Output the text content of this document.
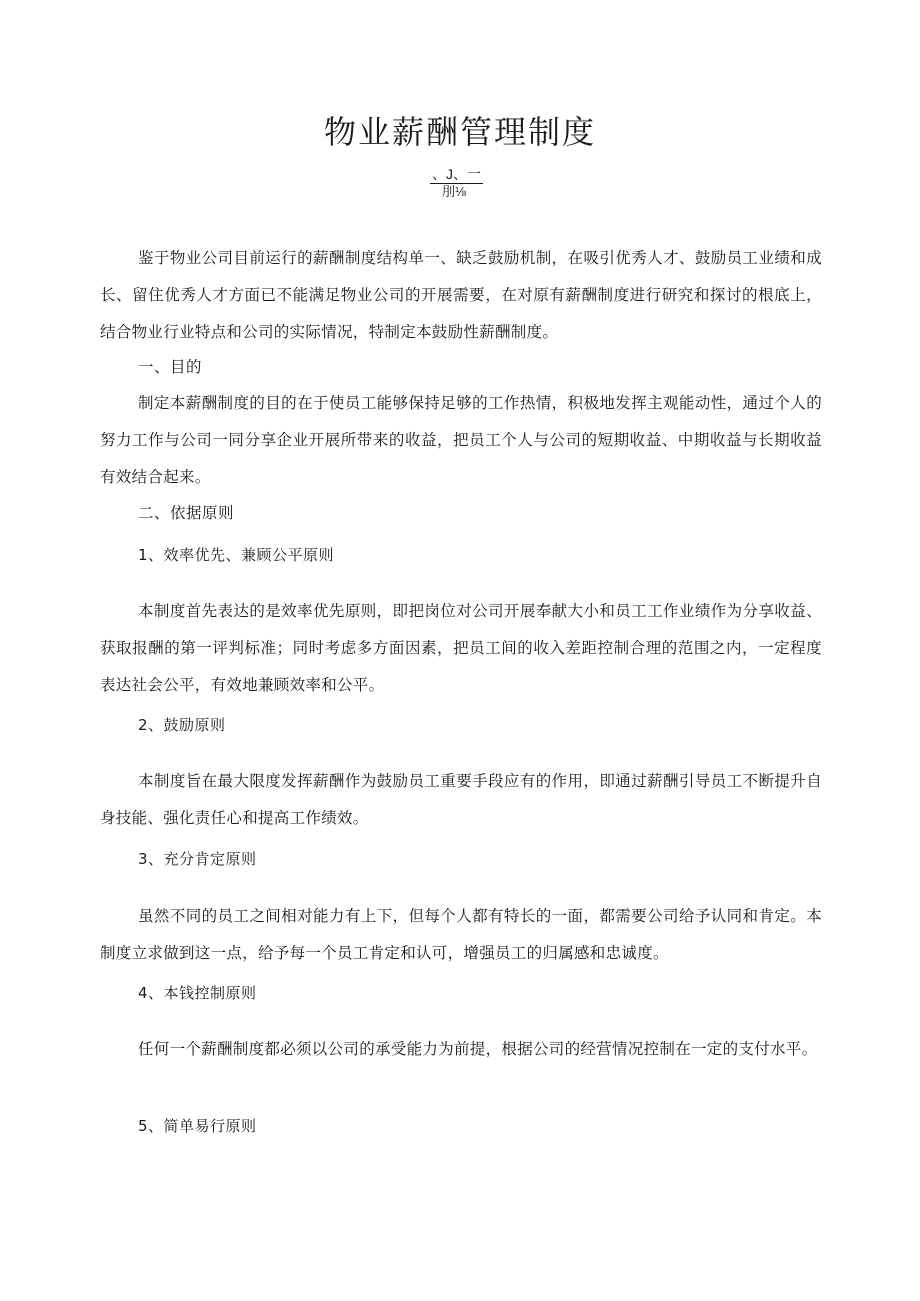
物业薪酬管理制度
、J、一
刖⅛

鉴于物业公司目前运行的薪酬制度结构单一、缺乏鼓励机制，在吸引优秀人才、鼓励员工业绩和成长、留住优秀人才方面已不能满足物业公司的开展需要，在对原有薪酬制度进行研究和探讨的根底上，结合物业行业特点和公司的实际情况，特制定本鼓励性薪酬制度。

一、目的

制定本薪酬制度的目的在于使员工能够保持足够的工作热情，积极地发挥主观能动性，通过个人的努力工作与公司一同分享企业开展所带来的收益，把员工个人与公司的短期收益、中期收益与长期收益有效结合起来。

二、依据原则

1、效率优先、兼顾公平原则

本制度首先表达的是效率优先原则，即把岗位对公司开展奉献大小和员工工作业绩作为分享收益、获取报酬的第一评判标准；同时考虑多方面因素，把员工间的收入差距控制合理的范围之内，一定程度表达社会公平，有效地兼顾效率和公平。

2、鼓励原则

本制度旨在最大限度发挥薪酬作为鼓励员工重要手段应有的作用，即通过薪酬引导员工不断提升自身技能、强化责任心和提高工作绩效。

3、充分肯定原则

虽然不同的员工之间相对能力有上下，但每个人都有特长的一面，都需要公司给予认同和肯定。本制度立求做到这一点，给予每一个员工肯定和认可，增强员工的归属感和忠诚度。

4、本钱控制原则

任何一个薪酬制度都必须以公司的承受能力为前提，根据公司的经营情况控制在一定的支付水平。

5、简单易行原则
